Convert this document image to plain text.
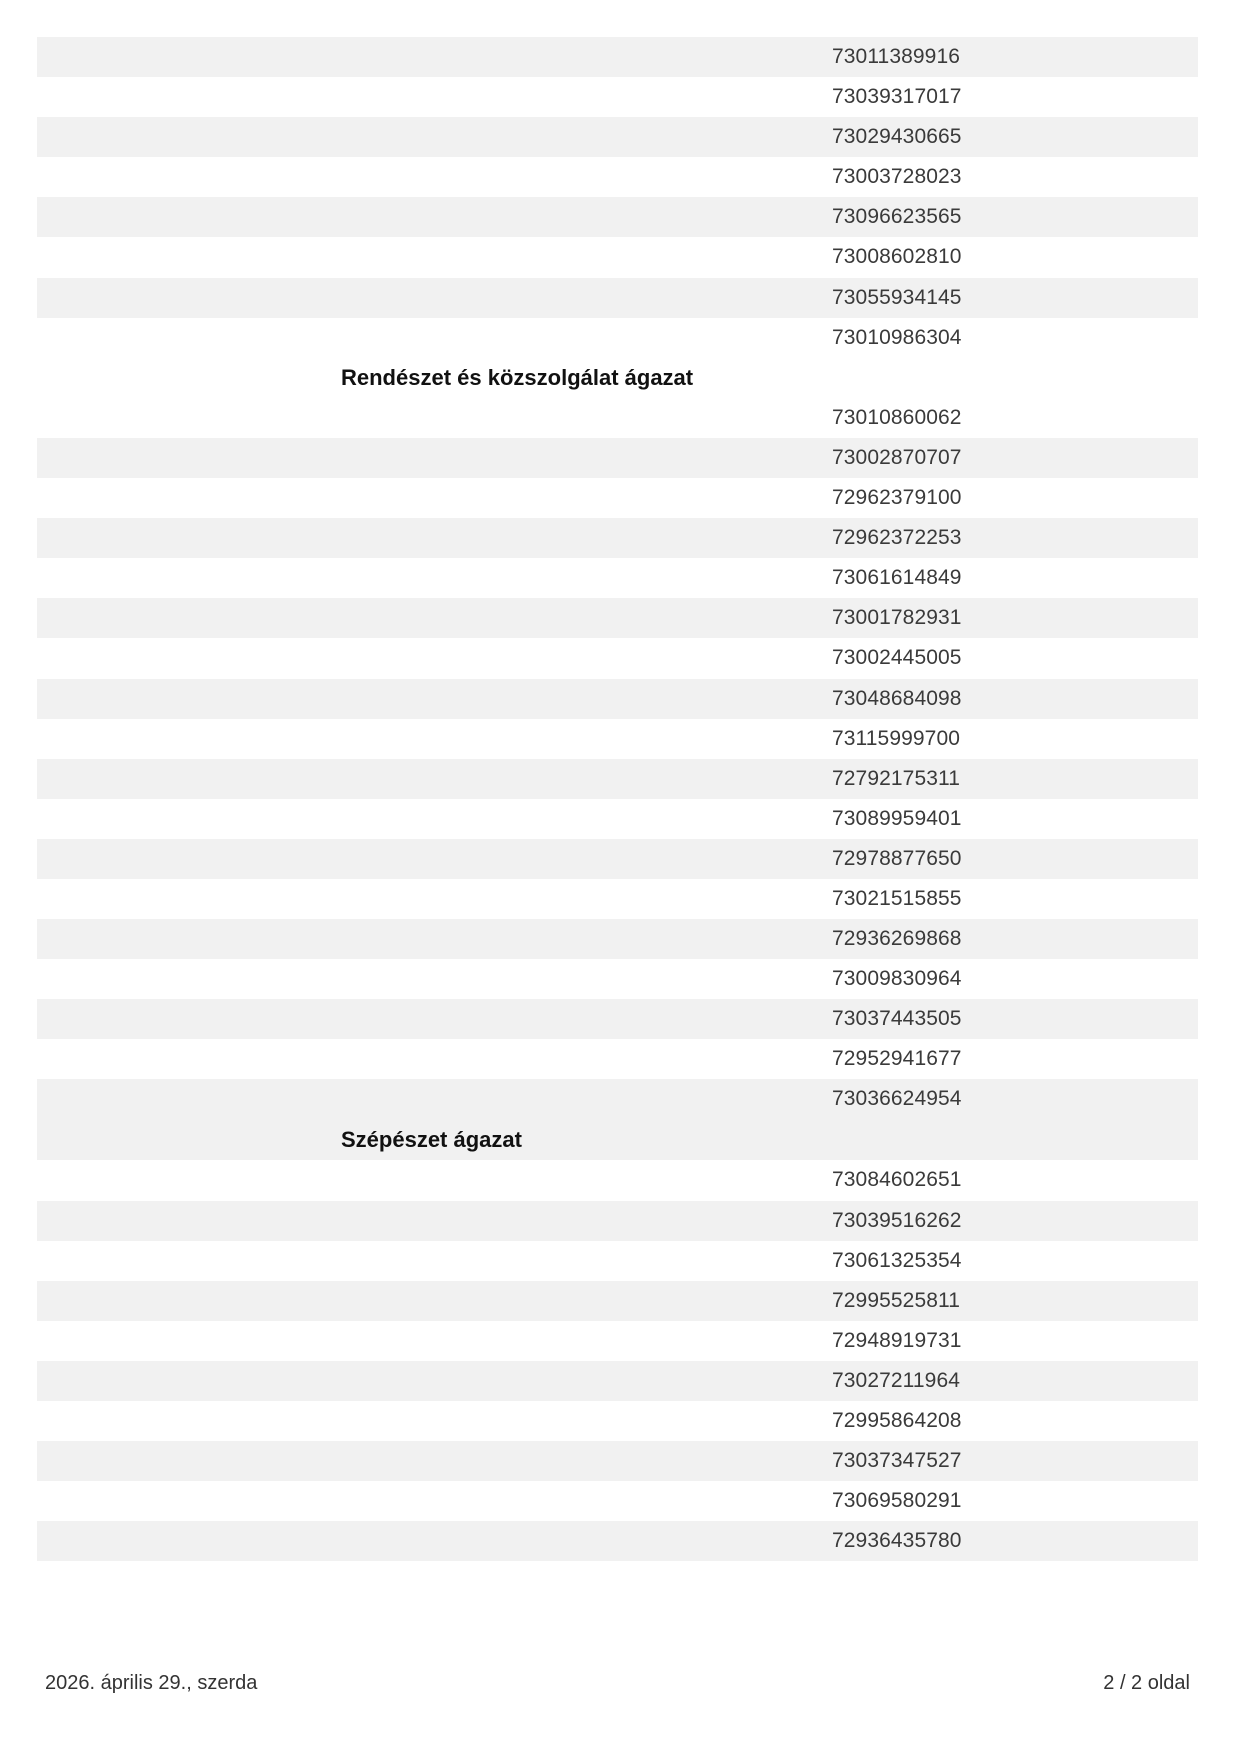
73011389916
73039317017
73029430665
73003728023
73096623565
73008602810
73055934145
73010986304
Rendészet és közszolgálat ágazat
73010860062
73002870707
72962379100
72962372253
73061614849
73001782931
73002445005
73048684098
73115999700
72792175311
73089959401
72978877650
73021515855
72936269868
73009830964
73037443505
72952941677
73036624954
Szépészet ágazat
73084602651
73039516262
73061325354
72995525811
72948919731
73027211964
72995864208
73037347527
73069580291
72936435780
2026. április 29., szerda	2 / 2 oldal
